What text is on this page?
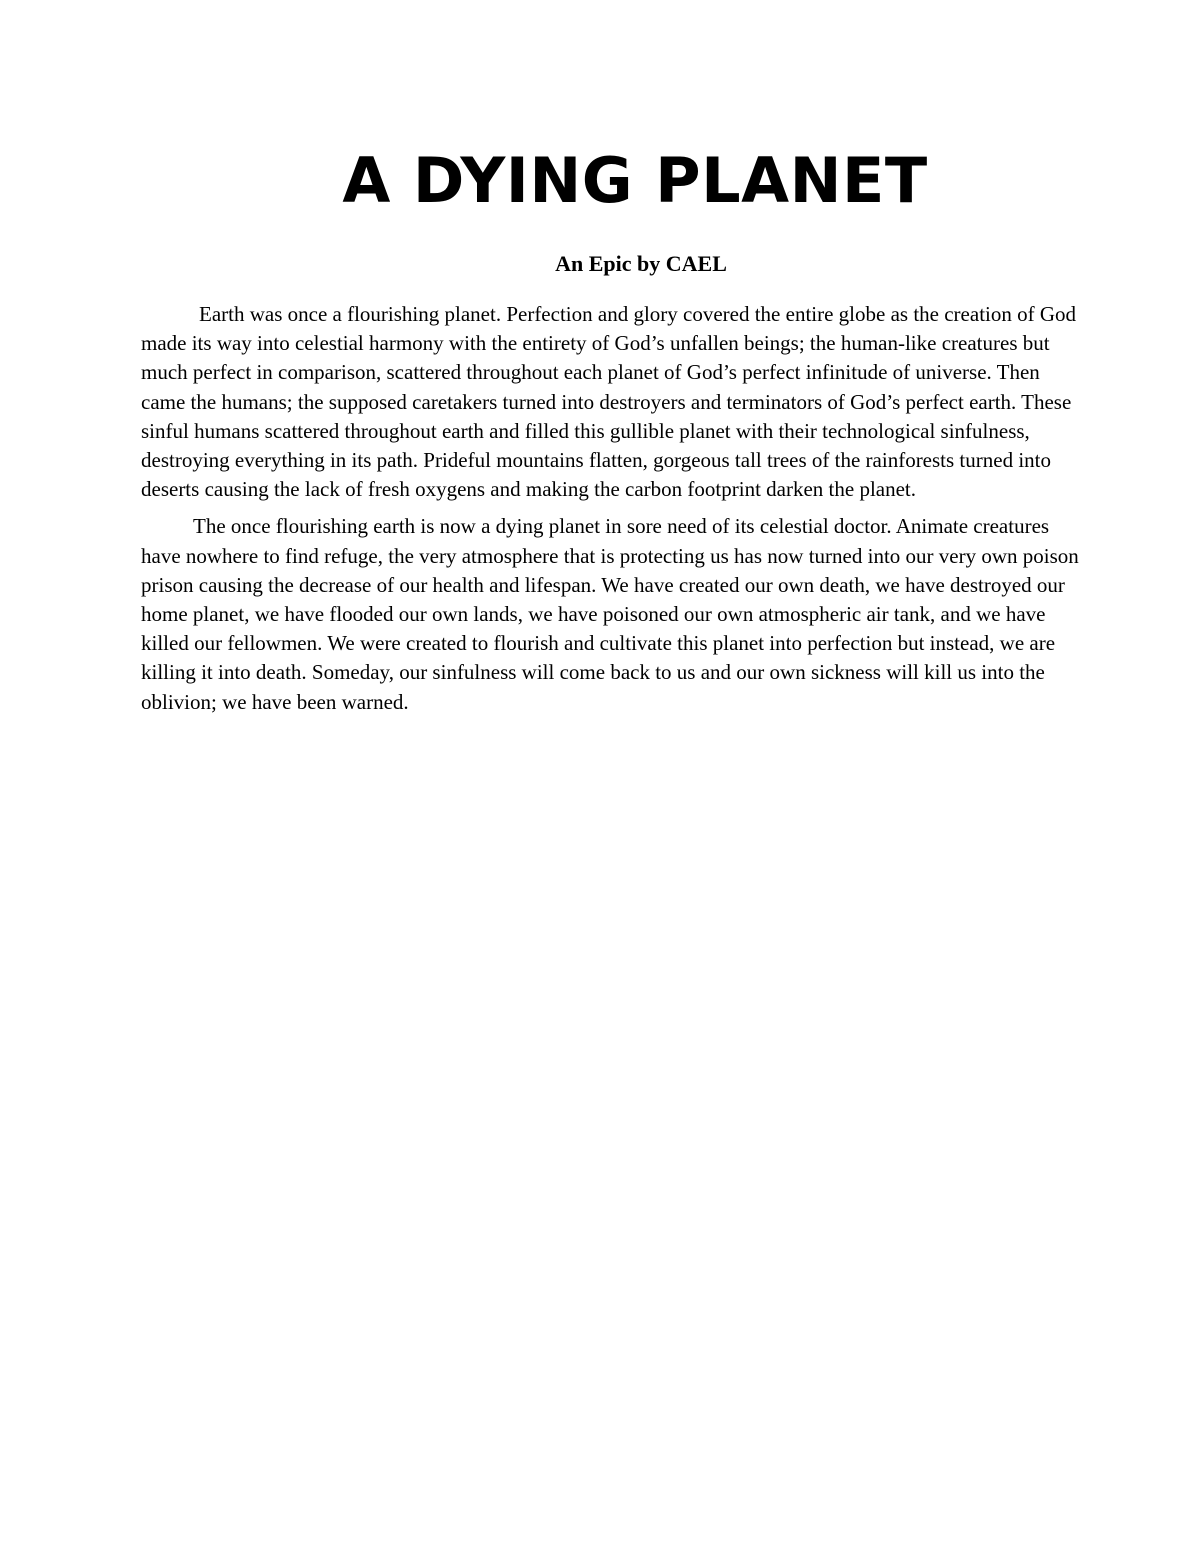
A DYING PLANET
An Epic by CAEL

Earth was once a flourishing planet. Perfection and glory covered the entire globe as the creation of God made its way into celestial harmony with the entirety of God’s unfallen beings; the human-like creatures but much perfect in comparison, scattered throughout each planet of God’s perfect infinitude of universe. Then came the humans; the supposed caretakers turned into destroyers and terminators of God’s perfect earth. These sinful humans scattered throughout earth and filled this gullible planet with their technological sinfulness, destroying everything in its path. Prideful mountains flatten, gorgeous tall trees of the rainforests turned into deserts causing the lack of fresh oxygens and making the carbon footprint darken the planet.

The once flourishing earth is now a dying planet in sore need of its celestial doctor. Animate creatures have nowhere to find refuge, the very atmosphere that is protecting us has now turned into our very own poison prison causing the decrease of our health and lifespan. We have created our own death, we have destroyed our home planet, we have flooded our own lands, we have poisoned our own atmospheric air tank, and we have killed our fellowmen. We were created to flourish and cultivate this planet into perfection but instead, we are killing it into death. Someday, our sinfulness will come back to us and our own sickness will kill us into the oblivion; we have been warned.
